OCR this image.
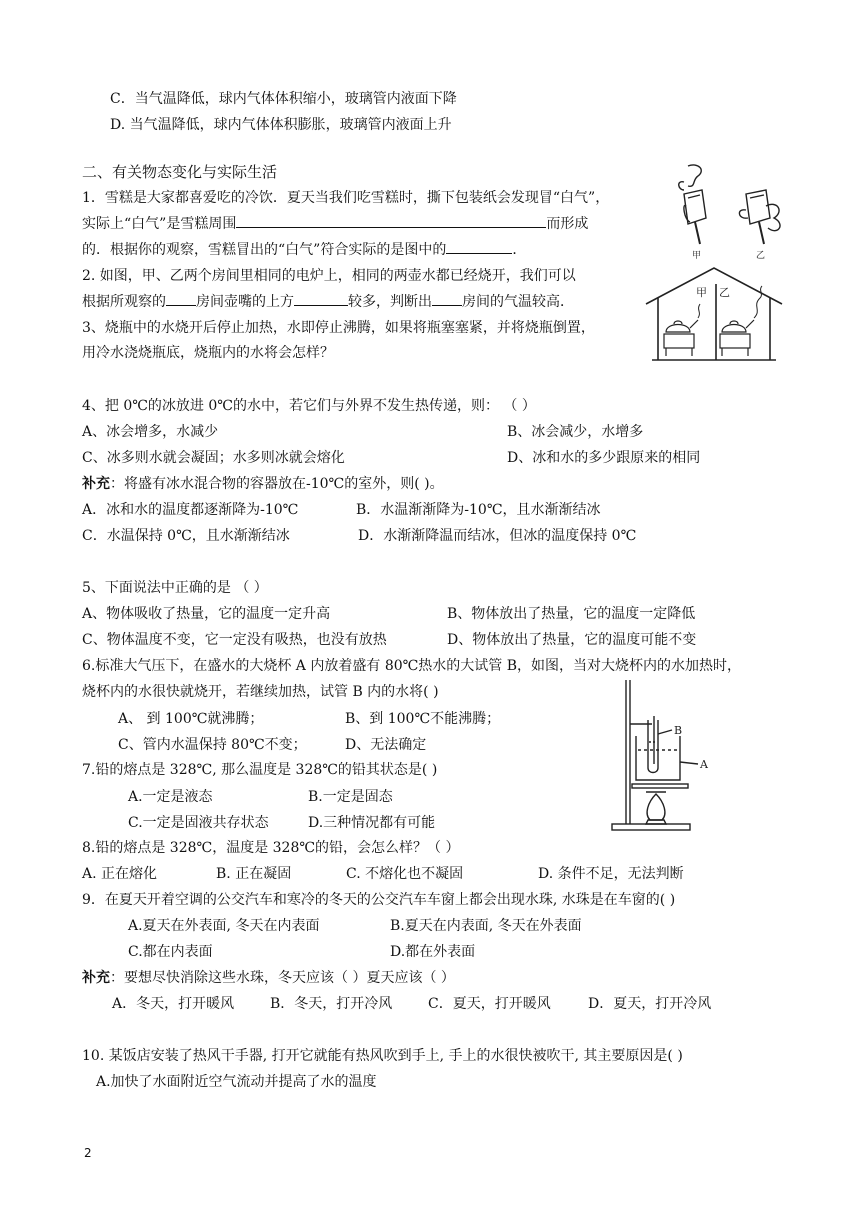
C．当气温降低，球内气体体积缩小，玻璃管内液面下降
D. 当气温降低，球内气体体积膨胀，玻璃管内液面上升
二、有关物态变化与实际生活
1．雪糕是大家都喜爱吃的冷饮．夏天当我们吃雪糕时，撕下包装纸会发现冒“白气”，
实际上“白气”是雪糕周围	而形成
的．根据你的观察，雪糕冒出的“白气”符合实际的是图中的	．
2. 如图，甲、乙两个房间里相同的电炉上，相同的两壶水都已经烧开，我们可以
根据所观察的 房间壶嘴的上方	较多，判断出 房间的气温较高．
3、烧瓶中的水烧开后停止加热，水即停止沸腾，如果将瓶塞塞紧，并将烧瓶倒置，
用冷水浇烧瓶底，烧瓶内的水将会怎样？
4、把 0℃的冰放进 0℃的水中，若它们与外界不发生热传递，则： （ ）
A、冰会增多，水减少	B、冰会减少，水增多
C、冰多则水就会凝固；水多则冰就会熔化	D、冰和水的多少跟原来的相同
补充：将盛有冰水混合物的容器放在-10℃的室外，则( )。
A．冰和水的温度都逐渐降为-10℃	B．水温渐渐降为-10℃，且水渐渐结冰
C．水温保持 0℃，且水渐渐结冰	D．水渐渐降温而结冰，但冰的温度保持 0℃
5、下面说法中正确的是 （ ）
A、物体吸收了热量，它的温度一定升高	B、物体放出了热量，它的温度一定降低
C、物体温度不变，它一定没有吸热，也没有放热	D、物体放出了热量，它的温度可能不变
6.标准大气压下，在盛水的大烧杯 A 内放着盛有 80℃热水的大试管 B，如图，当对大烧杯内的水加热时，
烧杯内的水很快就烧开，若继续加热，试管 B 内的水将( )
A、 到 100℃就沸腾；	B、到 100℃不能沸腾；
C、管内水温保持 80℃不变；	D、无法确定
7.铅的熔点是 328℃, 那么温度是 328℃的铅其状态是( )
A.一定是液态	B.一定是固态
C.一定是固液共存状态	D.三种情况都有可能
8.铅的熔点是 328℃，温度是 328℃的铅，会怎么样？（ ）
A. 正在熔化	B. 正在凝固	C. 不熔化也不凝固	D. 条件不足，无法判断
9．在夏天开着空调的公交汽车和寒冷的冬天的公交汽车车窗上都会出现水珠, 水珠是在车窗的( )
A.夏天在外表面, 冬天在内表面	B.夏天在内表面, 冬天在外表面
C.都在内表面	D.都在外表面
补充：要想尽快消除这些水珠，冬天应该（ ）夏天应该（ ）
A．冬天，打开暖风	B．冬天，打开冷风	C．夏天，打开暖风	D．夏天，打开冷风
10. 某饭店安装了热风干手器, 打开它就能有热风吹到手上, 手上的水很快被吹干, 其主要原因是( )
A.加快了水面附近空气流动并提高了水的温度
甲	乙
甲 乙
B
A
2
